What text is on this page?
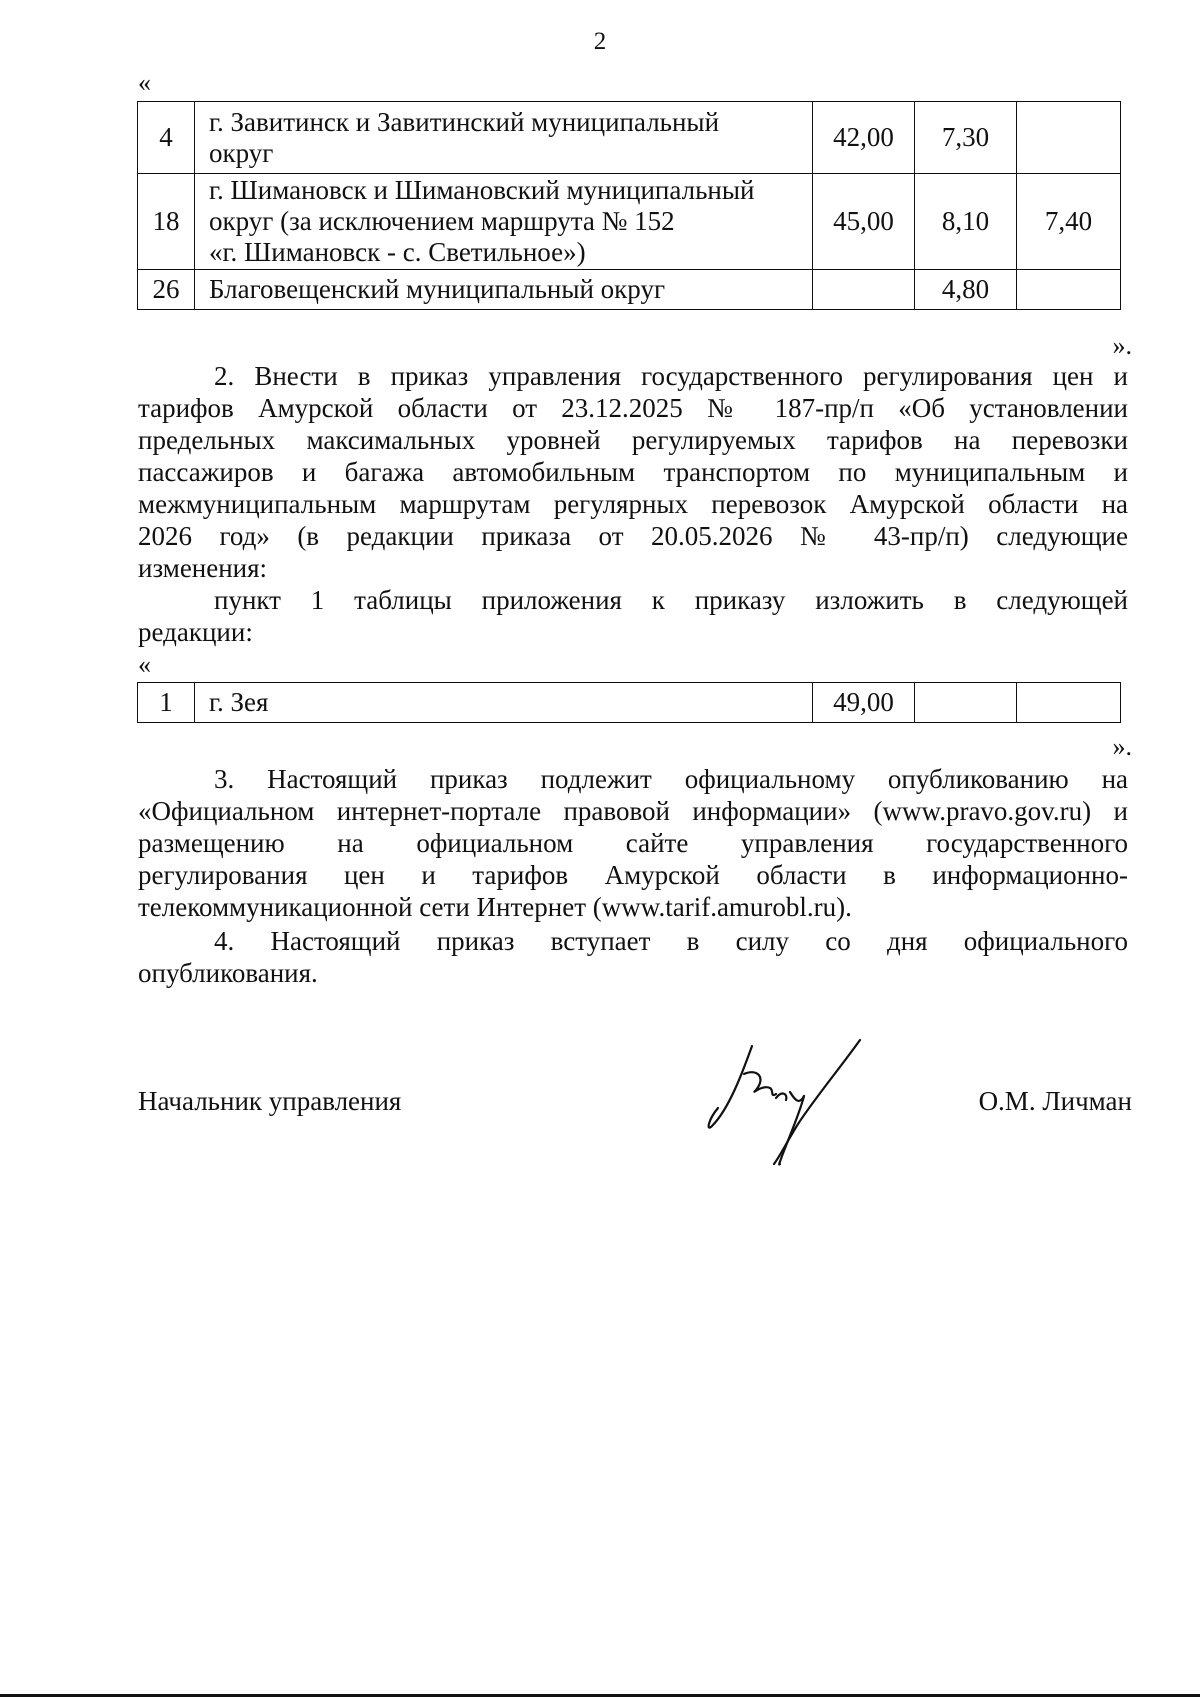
2
«
4	г. Завитинск и Завитинский муниципальный
округ	42,00	7,30	
18	г. Шимановск и Шимановский муниципальный
округ (за исключением маршрута № 152
«г. Шимановск - с. Светильное»)	45,00	8,10	7,40
26	Благовещенский муниципальный округ		4,80	
».
2. Внести в приказ управления государственного регулирования цен и
тарифов Амурской области от 23.12.2025 № 187-пр/п «Об установлении
предельных максимальных уровней регулируемых тарифов на перевозки
пассажиров и багажа автомобильным транспортом по муниципальным и
межмуниципальным маршрутам регулярных перевозок Амурской области на
2026 год» (в редакции приказа от 20.05.2026 № 43-пр/п) следующие
изменения:
пункт 1 таблицы приложения к приказу изложить в следующей
редакции:
«
1	г. Зея	49,00		
».
3. Настоящий приказ подлежит официальному опубликованию на
«Официальном интернет-портале правовой информации» (www.pravo.gov.ru) и
размещению на официальном сайте управления государственного
регулирования цен и тарифов Амурской области в информационно-
телекоммуникационной сети Интернет (www.tarif.amurobl.ru).
4. Настоящий приказ вступает в силу со дня официального
опубликования.
Начальник управления	О.М. Личман
